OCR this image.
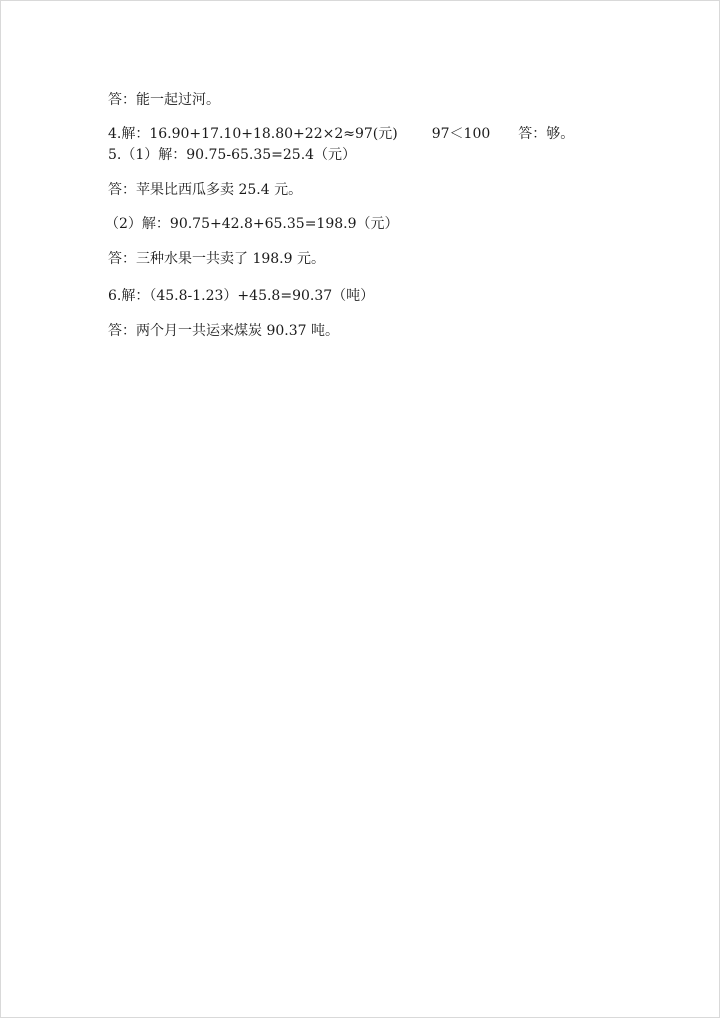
答：能一起过河。
4.解：16.90+17.10+18.80+22×2≈97(元) 97＜100 答：够。
5.（1）解：90.75-65.35=25.4（元）
答：苹果比西瓜多卖 25.4 元。
（2）解：90.75+42.8+65.35=198.9（元）
答：三种水果一共卖了 198.9 元。
6.解：（45.8-1.23）+45.8=90.37（吨）
答：两个月一共运来煤炭 90.37 吨。
